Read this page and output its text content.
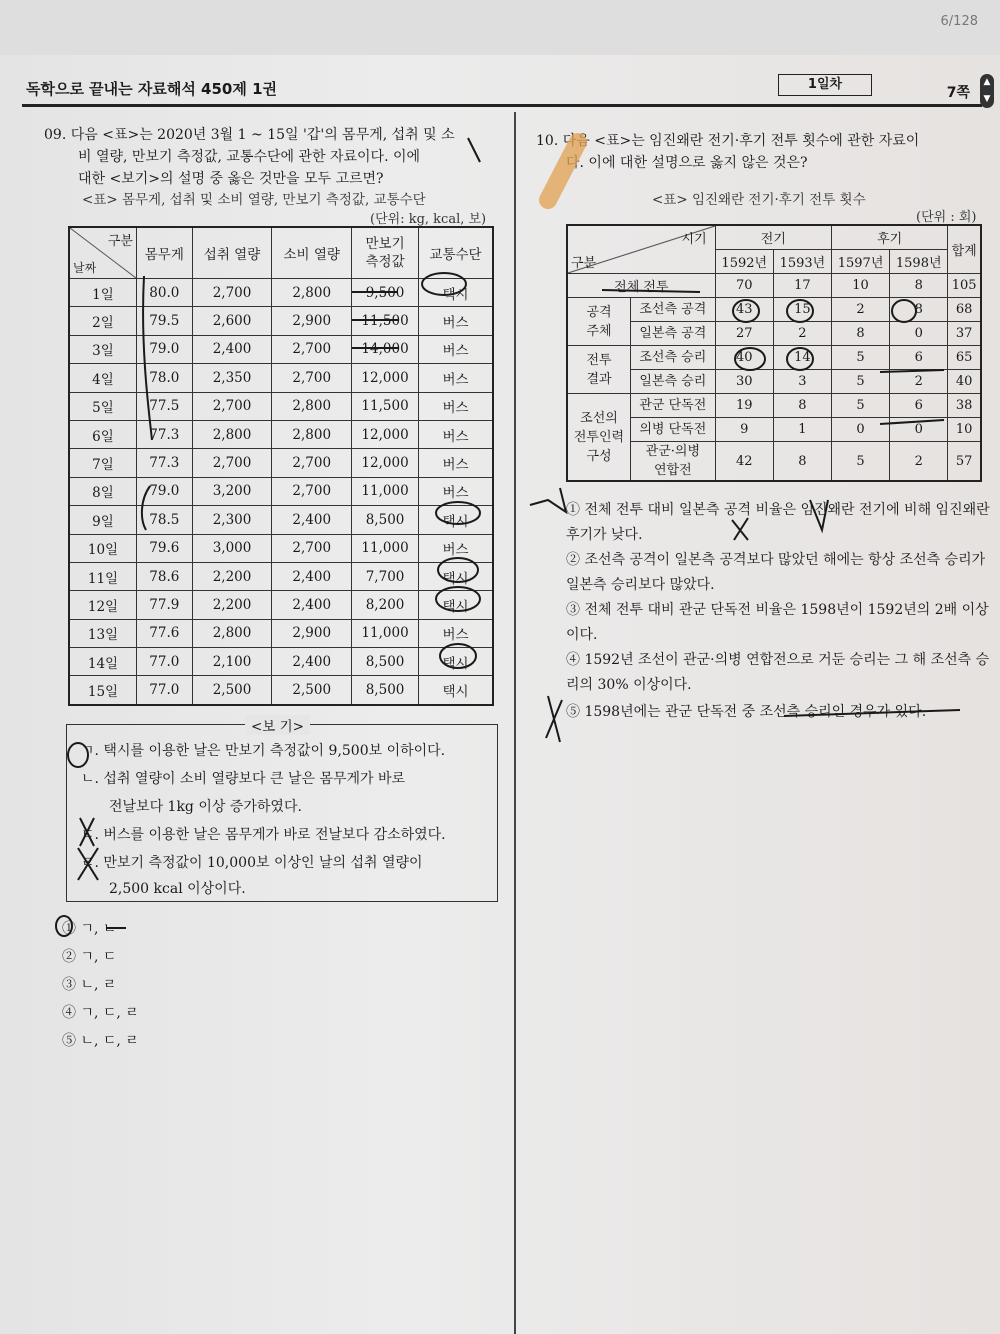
6/128
독학으로 끝내는 자료해석 450제 1권	1일차
7쪽
▲
▼
09. 다음 <표>는 2020년 3월 1 ~ 15일 '갑'의 몸무게, 섭취 및 소
비 열량, 만보기 측정값, 교통수단에 관한 자료이다. 이에
대한 <보기>의 설명 중 옳은 것만을 모두 고르면?
<표> 몸무게, 섭취 및 소비 열량, 만보기 측정값, 교통수단
(단위: kg, kcal, 보)
구분
날짜	몸무게	섭취 열량	소비 열량	만보기
측정값	교통수단
1일	80.0	2,700	2,800	9,500	택시
2일	79.5	2,600	2,900	11,500	버스
3일	79.0	2,400	2,700	14,000	버스
4일	78.0	2,350	2,700	12,000	버스
5일	77.5	2,700	2,800	11,500	버스
6일	77.3	2,800	2,800	12,000	버스
7일	77.3	2,700	2,700	12,000	버스
8일	79.0	3,200	2,700	11,000	버스
9일	78.5	2,300	2,400	8,500	택시
10일	79.6	3,000	2,700	11,000	버스
11일	78.6	2,200	2,400	7,700	택시
12일	77.9	2,200	2,400	8,200	택시
13일	77.6	2,800	2,900	11,000	버스
14일	77.0	2,100	2,400	8,500	택시
15일	77.0	2,500	2,500	8,500	택시
<보 기>
ㄱ. 택시를 이용한 날은 만보기 측정값이 9,500보 이하이다.
ㄴ. 섭취 열량이 소비 열량보다 큰 날은 몸무게가 바로
전날보다 1kg 이상 증가하였다.
ㄷ. 버스를 이용한 날은 몸무게가 바로 전날보다 감소하였다.
ㄹ. 만보기 측정값이 10,000보 이상인 날의 섭취 열량이
2,500 kcal 이상이다.
① ㄱ, ㄴ
② ㄱ, ㄷ
③ ㄴ, ㄹ
④ ㄱ, ㄷ, ㄹ
⑤ ㄴ, ㄷ, ㄹ
10. 다음 <표>는 임진왜란 전기·후기 전투 횟수에 관한 자료이
다. 이에 대한 설명으로 옳지 않은 것은?
<표> 임진왜란 전기·후기 전투 횟수
(단위 : 회)
시기
구분		전기		후기		합계
		1592년	1593년	1597년	1598년	
전체 전투		70	17	10	8	105
공격
주체	조선측 공격	43	15	2	8	68
	일본측 공격	27	2	8	0	37
전투
결과	조선측 승리	40	14	5	6	65
	일본측 승리	30	3	5	2	40
조선의
전투인력
구성	관군 단독전	19	8	5	6	38
	의병 단독전	9	1	0	0	10
	관군·의병
연합전	42	8	5	2	57
① 전체 전투 대비 일본측 공격 비율은 임진왜란 전기에 비해 임진왜란 후기가 낮다.
② 조선측 공격이 일본측 공격보다 많았던 해에는 항상 조선측 승리가 일본측 승리보다 많았다.
③ 전체 전투 대비 관군 단독전 비율은 1598년이 1592년의 2배 이상이다.
④ 1592년 조선이 관군·의병 연합전으로 거둔 승리는 그 해 조선측 승리의 30% 이상이다.
⑤ 1598년에는 관군 단독전 중 조선측 승리인 경우가 있다.
